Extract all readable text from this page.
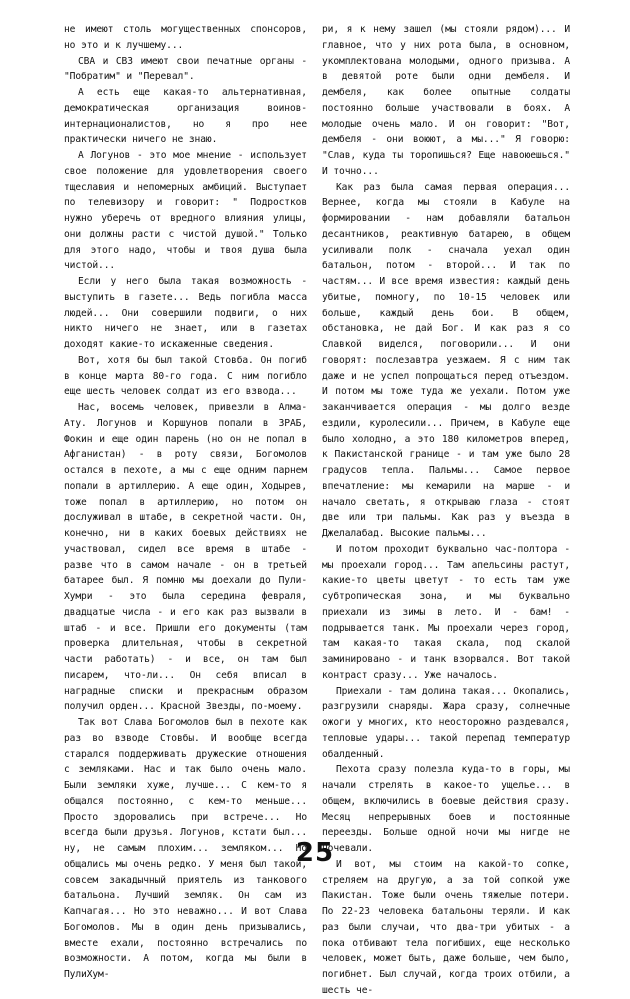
не имеют столь могущественных спонсоров, но это и к лучшему...

СВА и СВЗ имеют свои печатные органы - "Побратим" и "Перевал".

А есть еще какая-то альтернативная, демократическая организация воинов-интернационалистов, но я про нее практически ничего не знаю.

А Логунов - это мое мнение - использует свое положение для удовлетворения своего тщеславия и непомерных амбиций. Выступает по телевизору и говорит: " Подростков нужно уберечь от вредного влияния улицы, они должны расти с чистой душой." Только для этого надо, чтобы и твоя душа была чистой...

Если у него была такая возможность - выступить в газете... Ведь погибла масса людей... Они совершили подвиги, о них никто ничего не знает, или в газетах доходят какие-то искаженные сведения.

Вот, хотя бы был такой Стовба. Он погиб в конце марта 80-го года. С ним погибло еще шесть человек солдат из его взвода...

Нас, восемь человек, привезли в Алма-Ату. Логунов и Коршунов попали в ЗРАБ, Фокин и еще один парень (но он не попал в Афганистан) - в роту связи, Богомолов остался в пехоте, а мы с еще одним парнем попали в артиллерию. А еще один, Ходырев, тоже попал в артиллерию, но потом он дослуживал в штабе, в секретной части. Он, конечно, ни в каких боевых действиях не участвовал, сидел все время в штабе - разве что в самом начале - он в третьей батарее был. Я помню мы доехали до Пули-Хумри - это была середина февраля, двадцатые числа - и его как раз вызвали в штаб - и все. Пришли его документы (там проверка длительная, чтобы в секретной части работать) - и все, он там был писарем, что-ли... Он себя вписал в наградные списки и прекрасным образом получил орден... Красной Звезды, по-моему.

Так вот Слава Богомолов был в пехоте как раз во взводе Стовбы. И вообще всегда старался поддерживать дружеские отношения с земляками. Нас и так было очень мало. Были земляки хуже, лучше... С кем-то я общался постоянно, с кем-то меньше... Просто здоровались при встрече... Но всегда были друзья. Логунов, кстати был... ну, не самым плохим... земляком... Но общались мы очень редко. У меня был такой, совсем закадычный приятель из танкового батальона. Лучший земляк. Он сам из Капчагая... Но это неважно... И вот Слава Богомолов. Мы в один день призывались, вместе ехали, постоянно встречались по возможности. А потом, когда мы были в ПулиХум-

ри, я к нему зашел (мы стояли рядом)... И главное, что у них рота была, в основном, укомплектована молодыми, одного призыва. А в девятой роте были одни дембеля. И дембеля, как более опытные солдаты постоянно больше участвовали в боях. А молодые очень мало. И он говорит: "Вот, дембеля - они воюют, а мы..." Я говорю: "Слав, куда ты торопишься? Еще навоюешься." И точно...

Как раз была самая первая операция... Вернее, когда мы стояли в Кабуле на формировании - нам добавляли батальон десантников, реактивную батарею, в общем усиливали полк - сначала уехал один батальон, потом - второй... И так по частям... И все время известия: каждый день убитые, помногу, по 10-15 человек или больше, каждый день бои. В общем, обстановка, не дай Бог. И как раз я со Славкой виделся, поговорили... И они говорят: послезавтра уезжаем. Я с ним так даже и не успел попрощаться перед отъездом. И потом мы тоже туда же уехали. Потом уже заканчивается операция - мы долго везде ездили, куролесили... Причем, в Кабуле еще было холодно, а это 180 километров вперед, к Пакистанской границе - и там уже было 28 градусов тепла. Пальмы... Самое первое впечатление: мы кемарили на марше - и начало светать, я открываю глаза - стоят две или три пальмы. Как раз у въезда в Джелалабад. Высокие пальмы...

И потом проходит буквально час-полтора - мы проехали город... Там апельсины растут, какие-то цветы цветут - то есть там уже субтропическая зона, и мы буквально приехали из зимы в лето. И - бам! - подрывается танк. Мы проехали через город, там какая-то такая скала, под скалой заминировано - и танк взорвался. Вот такой контраст сразу... Уже началось.

Приехали - там долина такая... Окопались, разгрузили снаряды. Жара сразу, солнечные ожоги у многих, кто неосторожно раздевался, тепловые удары... такой перепад температур обалденный.

Пехота сразу полезла куда-то в горы, мы начали стрелять в какое-то ущелье... в общем, включились в боевые действия сразу. Месяц непрерывных боев и постоянные переезды. Больше одной ночи мы нигде не ночевали.

И вот, мы стоим на какой-то сопке, стреляем на другую, а за той сопкой уже Пакистан. Тоже были очень тяжелые потери. По 22-23 человека батальоны теряли. И как раз были случаи, что два-три убитых - а пока отбивают тела погибших, еще несколько человек, может быть, даже больше, чем было, погибнет. Был случай, когда троих отбили, а шесть че-

25
